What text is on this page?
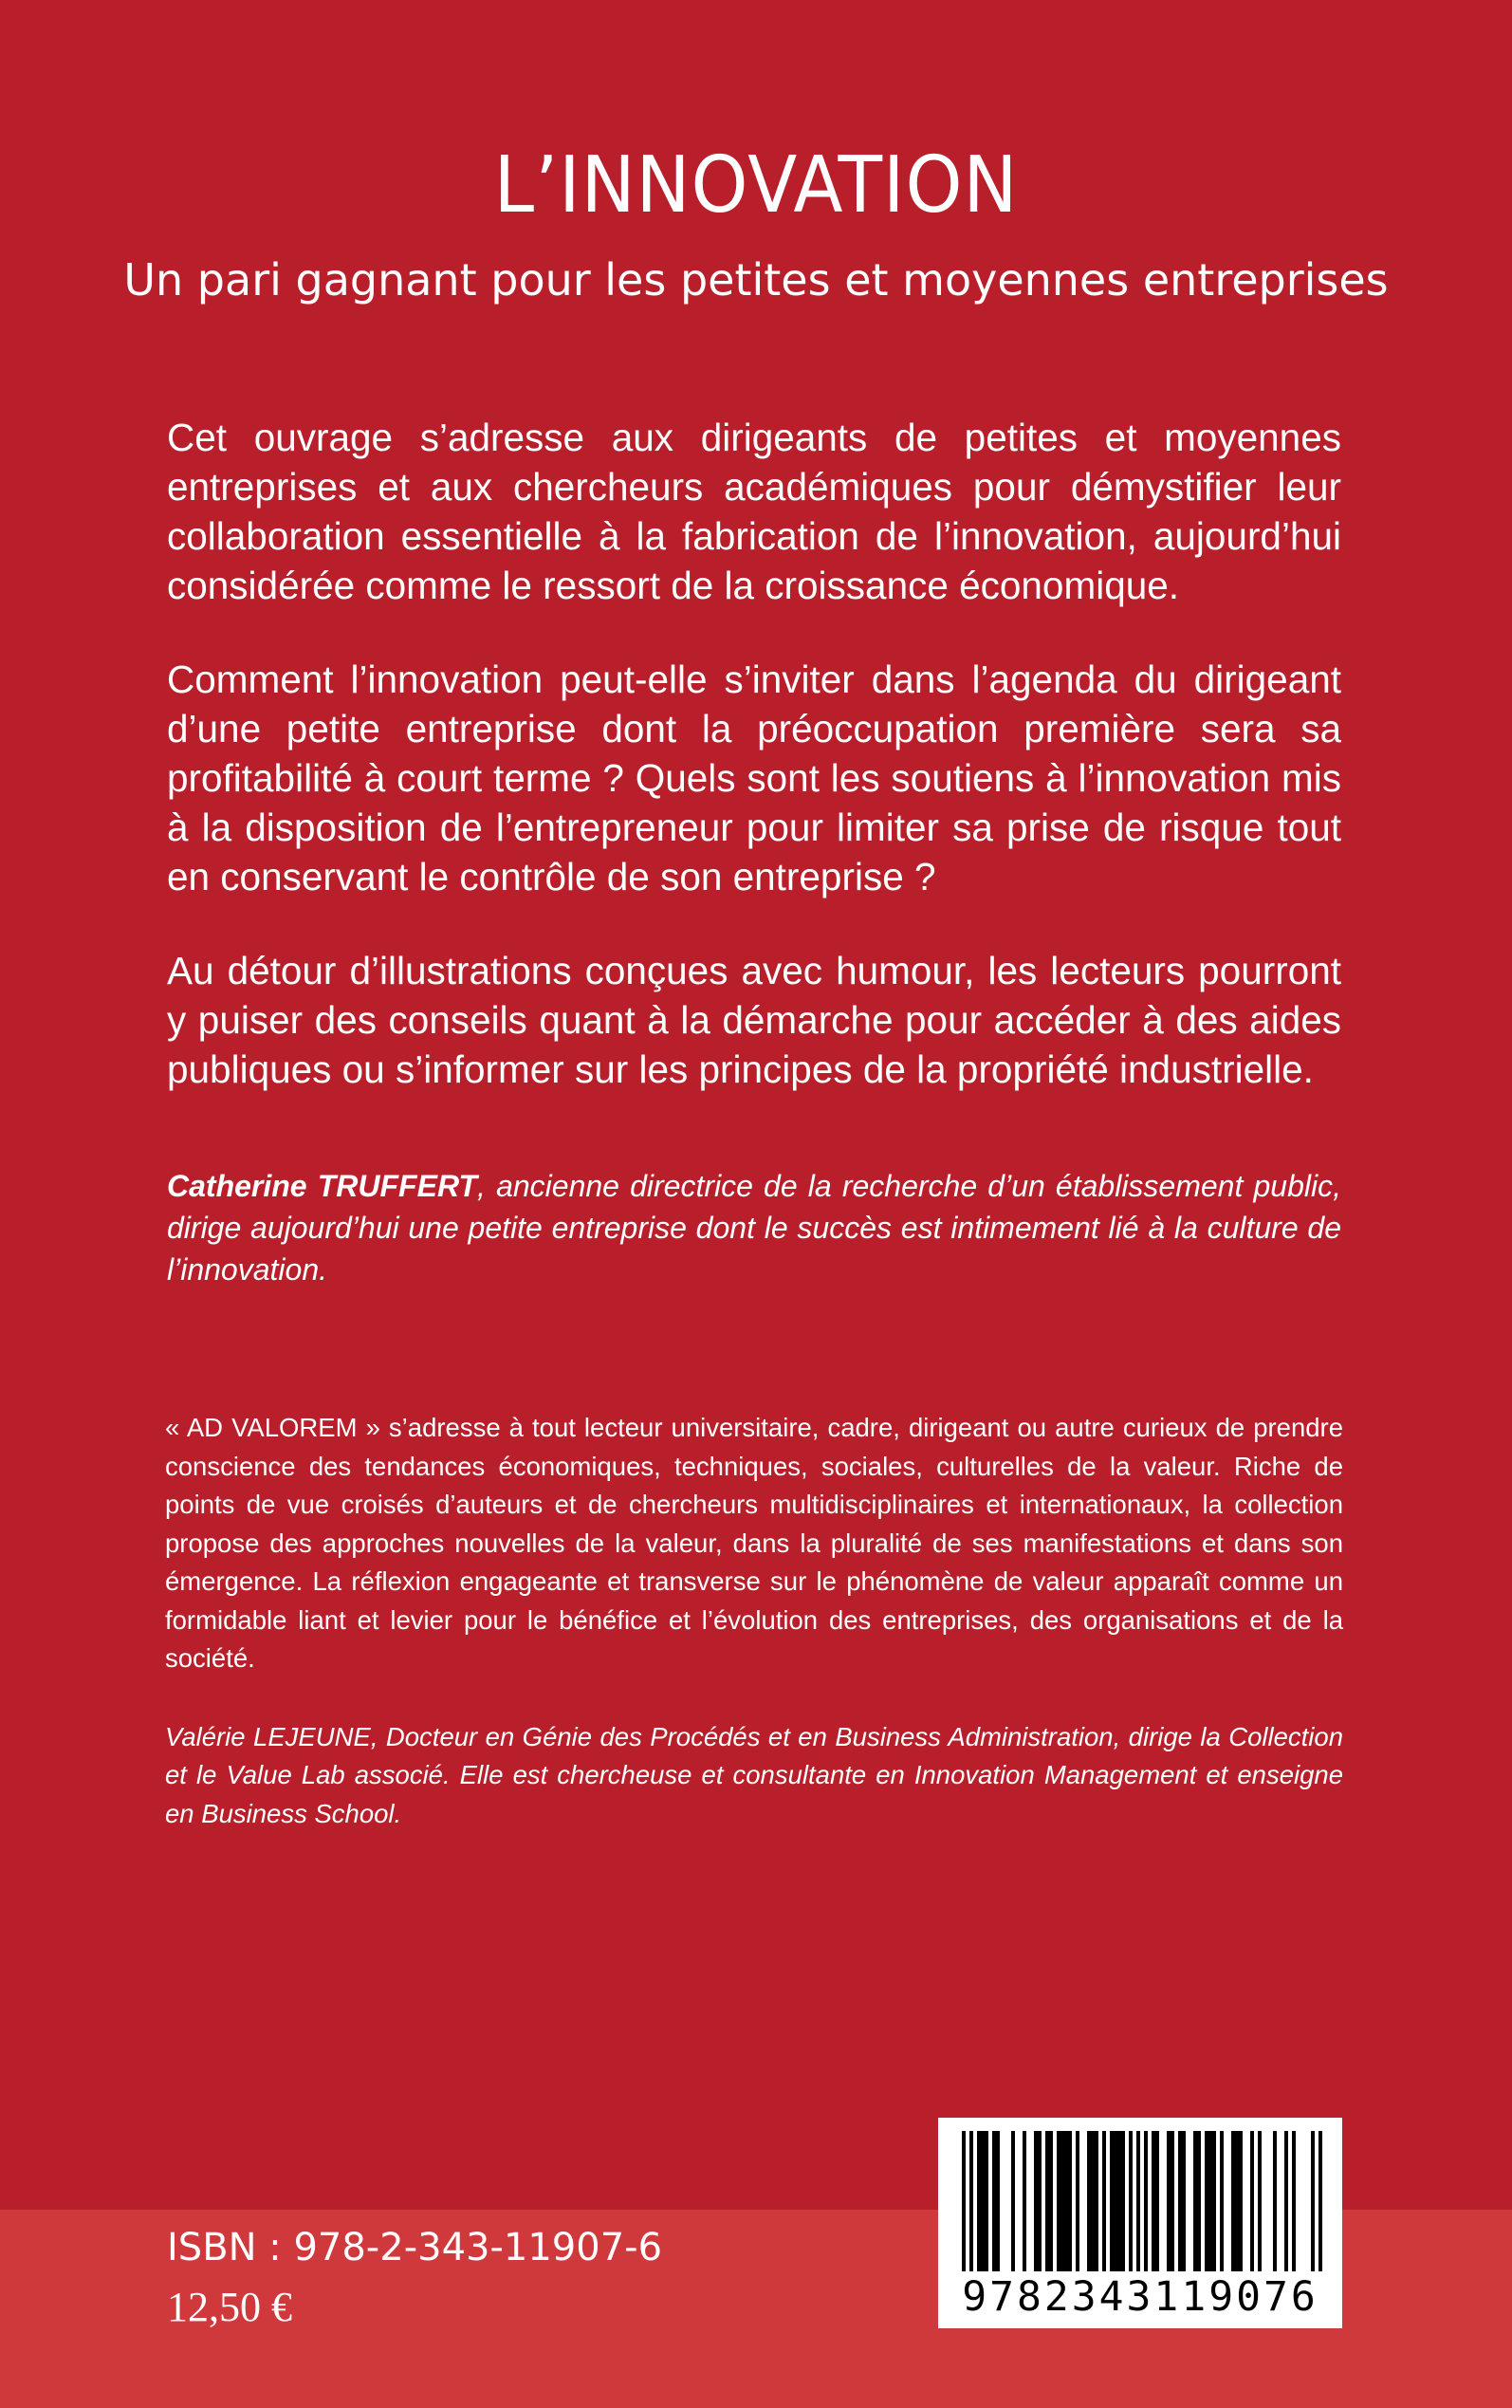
L’INNOVATION
Un pari gagnant pour les petites et moyennes entreprises

Cet ouvrage s’adresse aux dirigeants de petites et moyennes entreprises et aux chercheurs académiques pour démystifier leur collaboration essentielle à la fabrication de l’innovation, aujourd’hui considérée comme le ressort de la croissance économique.

Comment l’innovation peut-elle s’inviter dans l’agenda du dirigeant d’une petite entreprise dont la préoccupation première sera sa profitabilité à court terme ? Quels sont les soutiens à l’innovation mis à la disposition de l’entrepreneur pour limiter sa prise de risque tout en conservant le contrôle de son entreprise ?

Au détour d’illustrations conçues avec humour, les lecteurs pourront y puiser des conseils quant à la démarche pour accéder à des aides publiques ou s’informer sur les principes de la propriété industrielle.

Catherine TRUFFERT, ancienne directrice de la recherche d’un établissement public, dirige aujourd’hui une petite entreprise dont le succès est intimement lié à la culture de l’innovation.

« AD VALOREM » s’adresse à tout lecteur universitaire, cadre, dirigeant ou autre curieux de prendre conscience des tendances économiques, techniques, sociales, culturelles de la valeur. Riche de points de vue croisés d’auteurs et de chercheurs multidisciplinaires et internationaux, la collection propose des approches nouvelles de la valeur, dans la pluralité de ses manifestations et dans son émergence. La réflexion engageante et transverse sur le phénomène de valeur apparaît comme un formidable liant et levier pour le bénéfice et l’évolution des entreprises, des organisations et de la société.

Valérie LEJEUNE, Docteur en Génie des Procédés et en Business Administration, dirige la Collection et le Value Lab associé. Elle est chercheuse et consultante en Innovation Management et enseigne en Business School.

ISBN : 978-2-343-11907-6
12,50 €	9782343119076
